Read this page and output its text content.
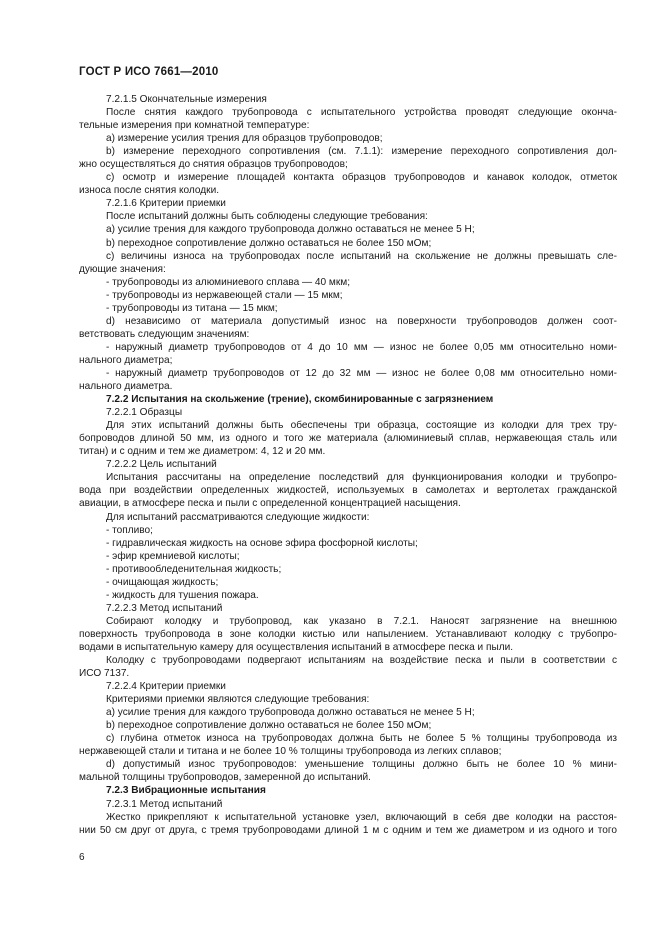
ГОСТ Р ИСО 7661—2010
7.2.1.5 Окончательные измерения
После снятия каждого трубопровода с испытательного устройства проводят следующие оконча-
тельные измерения при комнатной температуре:
a) измерение усилия трения для образцов трубопроводов;
b) измерение переходного сопротивления (см. 7.1.1): измерение переходного сопротивления дол-
жно осуществляться до снятия образцов трубопроводов;
c) осмотр и измерение площадей контакта образцов трубопроводов и канавок колодок, отметок
износа после снятия колодки.
7.2.1.6 Критерии приемки
После испытаний должны быть соблюдены следующие требования:
a) усилие трения для каждого трубопровода должно оставаться не менее 5 Н;
b) переходное сопротивление должно оставаться не более 150 мОм;
c) величины износа на трубопроводах после испытаний на скольжение не должны превышать сле-
дующие значения:
- трубопроводы из алюминиевого сплава — 40 мкм;
- трубопроводы из нержавеющей стали — 15 мкм;
- трубопроводы из титана — 15 мкм;
d) независимо от материала допустимый износ на поверхности трубопроводов должен соот-
ветствовать следующим значениям:
- наружный диаметр трубопроводов от 4 до 10 мм — износ не более 0,05 мм относительно номи-
нального диаметра;
- наружный диаметр трубопроводов от 12 до 32 мм — износ не более 0,08 мм относительно номи-
нального диаметра.
7.2.2 Испытания на скольжение (трение), скомбинированные с загрязнением
7.2.2.1 Образцы
Для этих испытаний должны быть обеспечены три образца, состоящие из колодки для трех тру-
бопроводов длиной 50 мм, из одного и того же материала (алюминиевый сплав, нержавеющая сталь или
титан) и с одним и тем же диаметром: 4, 12 и 20 мм.
7.2.2.2 Цель испытаний
Испытания рассчитаны на определение последствий для функционирования колодки и трубопро-
вода при воздействии определенных жидкостей, используемых в самолетах и вертолетах гражданской
авиации, в атмосфере песка и пыли с определенной концентрацией насыщения.
Для испытаний рассматриваются следующие жидкости:
- топливо;
- гидравлическая жидкость на основе эфира фосфорной кислоты;
- эфир кремниевой кислоты;
- противообледенительная жидкость;
- очищающая жидкость;
- жидкость для тушения пожара.
7.2.2.3 Метод испытаний
Собирают колодку и трубопровод, как указано в 7.2.1. Наносят загрязнение на внешнюю
поверхность трубопровода в зоне колодки кистью или напылением. Устанавливают колодку с трубопро-
водами в испытательную камеру для осуществления испытаний в атмосфере песка и пыли.
Колодку с трубопроводами подвергают испытаниям на воздействие песка и пыли в соответствии с
ИСО 7137.
7.2.2.4 Критерии приемки
Критериями приемки являются следующие требования:
a) усилие трения для каждого трубопровода должно оставаться не менее 5 Н;
b) переходное сопротивление должно оставаться не более 150 мОм;
c) глубина отметок износа на трубопроводах должна быть не более 5 % толщины трубопровода из
нержавеющей стали и титана и не более 10 % толщины трубопровода из легких сплавов;
d) допустимый износ трубопроводов: уменьшение толщины должно быть не более 10 % мини-
мальной толщины трубопроводов, замеренной до испытаний.
7.2.3 Вибрационные испытания
7.2.3.1 Метод испытаний
Жестко прикрепляют к испытательной установке узел, включающий в себя две колодки на расстоя-
нии 50 см друг от друга, с тремя трубопроводами длиной 1 м с одним и тем же диаметром и из одного и того
6
